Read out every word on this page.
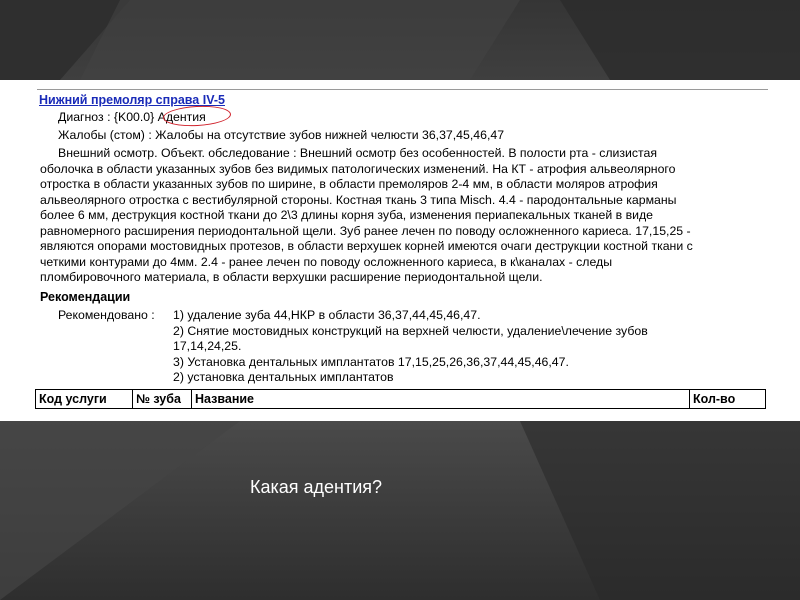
Нижний премоляр справа IV-5
Диагноз : {K00.0} Адентия
Жалобы (стом) : Жалобы на отсутствие зубов нижней челюсти 36,37,45,46,47
Внешний осмотр. Объект. обследование : Внешний осмотр без особенностей. В полости рта - слизистая
оболочка в области указанных зубов без видимых патологических изменений. На КТ - атрофия альвеолярного
отростка в области указанных зубов по ширине, в области премоляров 2-4 мм, в области моляров атрофия
альвеолярного отростка с вестибулярной стороны. Костная ткань 3 типа Misch. 4.4 - пародонтальные карманы
более 6 мм, деструкция костной ткани до 2\3 длины корня зуба, изменения периапекальных тканей в виде
равномерного расширения периодонтальной щели. Зуб ранее лечен по поводу осложненного кариеса. 17,15,25 -
являются опорами мостовидных протезов, в области верхушек корней имеются очаги деструкции костной ткани с
четкими контурами до 4мм. 2.4 - ранее лечен по поводу осложненного кариеса, в к\каналах - следы
пломбировочного материала, в области верхушки расширение периодонтальной щели.
Рекомендации
Рекомендовано : 1) удаление зуба 44,НКР в области 36,37,44,45,46,47.
2) Снятие мостовидных конструкций на верхней челюсти, удаление\лечение зубов
17,14,24,25.
3) Установка дентальных имплантатов 17,15,25,26,36,37,44,45,46,47.
2) установка дентальных имплантатов
Код услуги	№ зуба	Название	Кол-во
Какая адентия?
